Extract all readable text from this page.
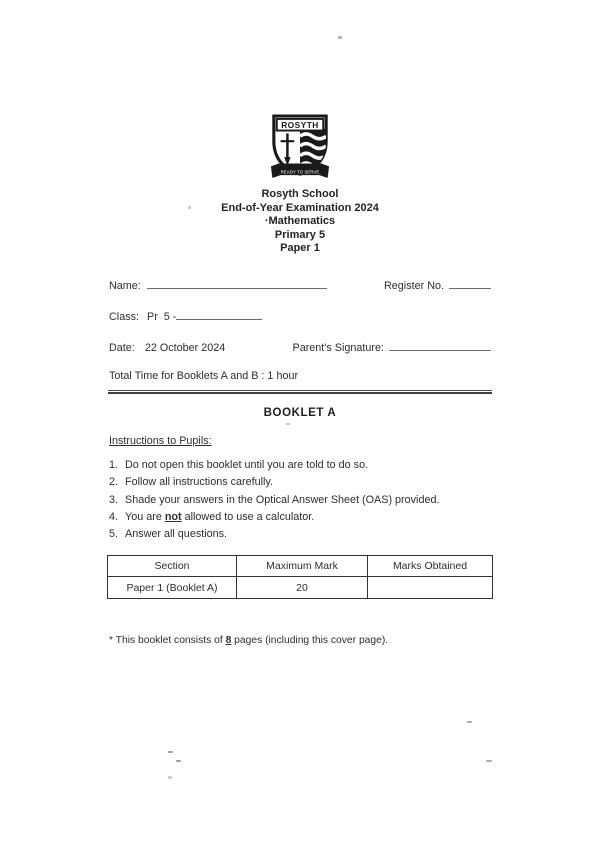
ROSYTH
READY TO SERVE
Rosyth School
End-of-Year Examination 2024
·Mathematics
Primary 5
Paper 1
Name:	Register No.
Class: Pr  5 -
Date: 22 October 2024	Parent's Signature:
Total Time for Booklets A and B : 1 hour
BOOKLET A
Instructions to Pupils:
1. Do not open this booklet until you are told to do so.
2. Follow all instructions carefully.
3. Shade your answers in the Optical Answer Sheet (OAS) provided.
4. You are not allowed to use a calculator.
5. Answer all questions.
Section	Maximum Mark	Marks Obtained
Paper 1 (Booklet A)	20	
* This booklet consists of 8 pages (including this cover page).
